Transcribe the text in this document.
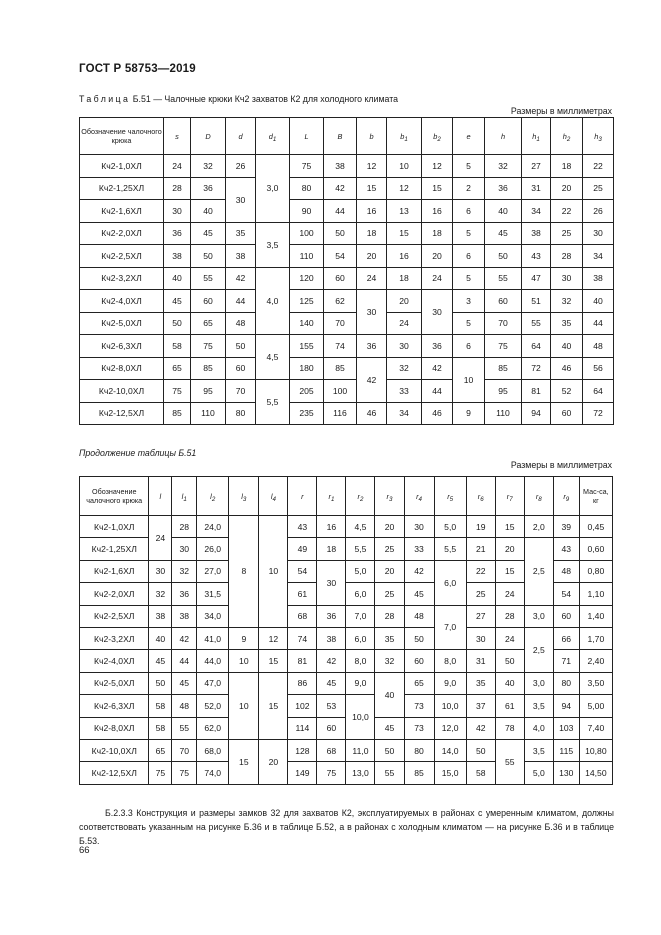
ГОСТ Р 58753—2019
Таблица Б.51 — Чалочные крюки Кч2 захватов К2 для холодного климата
Размеры в миллиметрах
Обозначение чалочного крюка	s	D	d	$d_1$	L	B	b	$b_1$	$b_2$	e	h	$h_1$	$h_2$	$h_3$
Кч2-1,0ХЛ	24	32	26	3,0	75	38	12	10	12	5	32	27	18	22
Кч2-1,25ХЛ	28	36	30		80	42	15	12	15	2	36	31	20	25
Кч2-1,6ХЛ	30	40			90	44	16	13	16	6	40	34	22	26
Кч2-2,0ХЛ	36	45	35	3,5	100	50	18	15	18	5	45	38	25	30
Кч2-2,5ХЛ	38	50	38		110	54	20	16	20	6	50	43	28	34
Кч2-3,2ХЛ	40	55	42	4,0	120	60	24	18	24	5	55	47	30	38
Кч2-4,0ХЛ	45	60	44		125	62	30	20	30	3	60	51	32	40
Кч2-5,0ХЛ	50	65	48		140	70		24		5	70	55	35	44
Кч2-6,3ХЛ	58	75	50	4,5	155	74	36	30	36	6	75	64	40	48
Кч2-8,0ХЛ	65	85	60		180	85	42	32	42	10	85	72	46	56
Кч2-10,0ХЛ	75	95	70	5,5	205	100		33	44		95	81	52	64
Кч2-12,5ХЛ	85	110	80		235	116	46	34	46	9	110	94	60	72
Продолжение таблицы Б.51
Размеры в миллиметрах
Обозначение чалочного крюка	l	$l_1$	$l_2$	$l_3$	$l_4$	r	$r_1$	$r_2$	$r_3$	$r_4$	$r_5$	$r_6$	$r_7$	$r_8$	$r_9$	Мас-са, кг
Кч2-1,0ХЛ	24	28	24,0	8	10	43	16	4,5	20	30	5,0	19	15	2,0	39	0,45
Кч2-1,25ХЛ		30	26,0			49	18	5,5	25	33	5,5	21	20	2,5	43	0,60
Кч2-1,6ХЛ	30	32	27,0			54	30	5,0	20	42	6,0	22	15		48	0,80
Кч2-2,0ХЛ	32	36	31,5			61		6,0	25	45		25	24		54	1,10
Кч2-2,5ХЛ	38	38	34,0			68	36	7,0	28	48	7,0	27	28	3,0	60	1,40
Кч2-3,2ХЛ	40	42	41,0	9	12	74	38	6,0	35	50		30	24	2,5	66	1,70
Кч2-4,0ХЛ	45	44	44,0	10	15	81	42	8,0	32	60	8,0	31	50		71	2,40
Кч2-5,0ХЛ	50	45	47,0	10	15	86	45	9,0	40	65	9,0	35	40	3,0	80	3,50
Кч2-6,3ХЛ	58	48	52,0			102	53	10,0		73	10,0	37	61	3,5	94	5,00
Кч2-8,0ХЛ	58	55	62,0			114	60		45	73	12,0	42	78	4,0	103	7,40
Кч2-10,0ХЛ	65	70	68,0	15	20	128	68	11,0	50	80	14,0	50	55	3,5	115	10,80
Кч2-12,5ХЛ	75	75	74,0			149	75	13,0	55	85	15,0	58		5,0	130	14,50
Б.2.3.3 Конструкция и размеры замков 32 для захватов К2, эксплуатируемых в районах с умеренным климатом, должны соответствовать указанным на рисунке Б.36 и в таблице Б.52, а в районах с холодным климатом — на рисунке Б.36 и в таблице Б.53.
66
